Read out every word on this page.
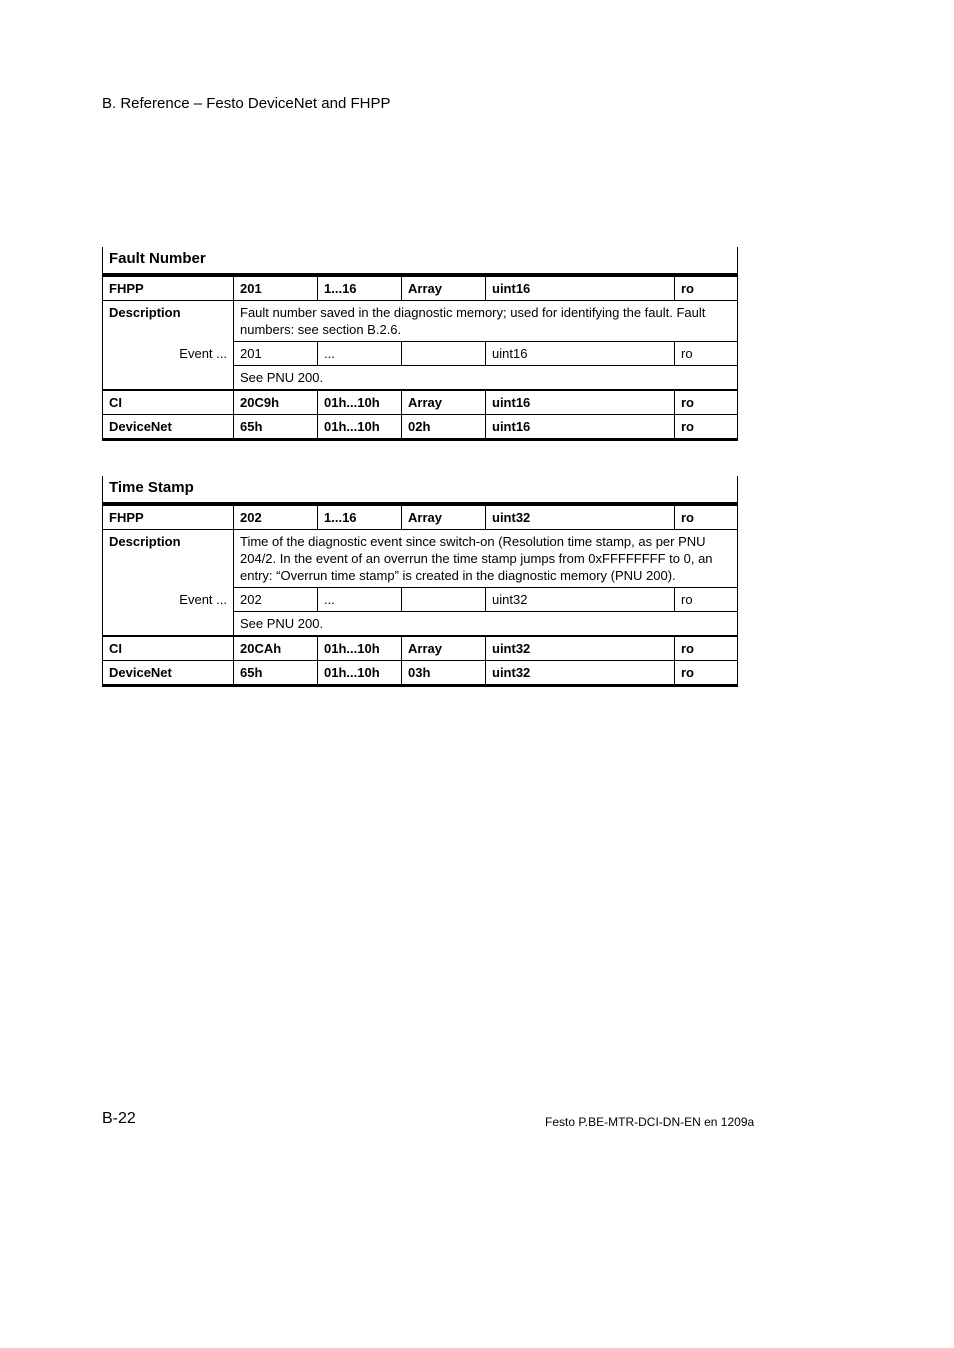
B. Reference – Festo DeviceNet and FHPP
Fault Number					
FHPP	201	1...16	Array	uint16	ro
Description	Fault number saved in the diagnostic memory; used for identifying the fault. Fault numbers: see section B.2.6.				
Event ...	201	...		uint16	ro
	See PNU 200.				
CI	20C9h	01h...10h	Array	uint16	ro
DeviceNet	65h	01h...10h	02h	uint16	ro
Time Stamp					
FHPP	202	1...16	Array	uint32	ro
Description	Time of the diagnostic event since switch-on (Resolution time stamp, as per PNU 204/2. In the event of an overrun the time stamp jumps from 0xFFFFFFFF to 0, an entry: “Overrun time stamp” is created in the diagnostic memory (PNU 200).				
Event ...	202	...		uint32	ro
	See PNU 200.				
CI	20CAh	01h...10h	Array	uint32	ro
DeviceNet	65h	01h...10h	03h	uint32	ro
B-22	Festo P.BE-MTR-DCI-DN-EN en 1209a
